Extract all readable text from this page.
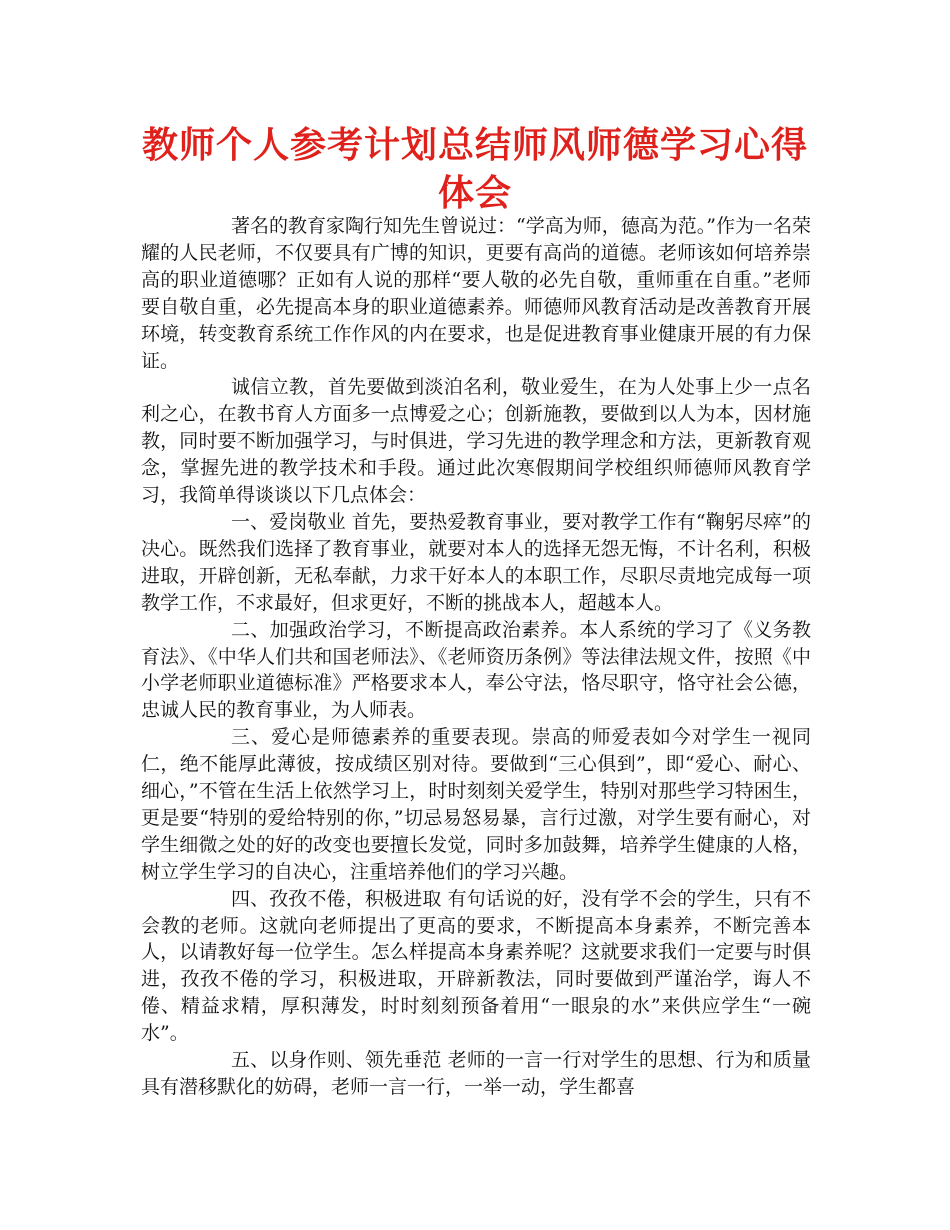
教师个人参考计划总结师风师德学习心得体会

著名的教育家陶行知先生曾说过：“学高为师，德高为范。”作为一名荣耀的人民老师，不仅要具有广博的知识，更要有高尚的道德。老师该如何培养崇高的职业道德哪？正如有人说的那样“要人敬的必先自敬，重师重在自重。”老师要自敬自重，必先提高本身的职业道德素养。师德师风教育活动是改善教育开展环境，转变教育系统工作作风的内在要求，也是促进教育事业健康开展的有力保证。

诚信立教，首先要做到淡泊名利，敬业爱生，在为人处事上少一点名利之心，在教书育人方面多一点博爱之心；创新施教，要做到以人为本，因材施教，同时要不断加强学习，与时俱进，学习先进的教学理念和方法，更新教育观念，掌握先进的教学技术和手段。通过此次寒假期间学校组织师德师风教育学习，我简单得谈谈以下几点体会：

一、爱岗敬业 首先，要热爱教育事业，要对教学工作有“鞠躬尽瘁”的决心。既然我们选择了教育事业，就要对本人的选择无怨无悔，不计名利，积极进取，开辟创新，无私奉献，力求干好本人的本职工作，尽职尽责地完成每一项教学工作，不求最好，但求更好，不断的挑战本人，超越本人。

二、加强政治学习，不断提高政治素养。本人系统的学习了《义务教育法》、《中华人们共和国老师法》、《老师资历条例》等法律法规文件，按照《中小学老师职业道德标准》严格要求本人，奉公守法，恪尽职守，恪守社会公德，忠诚人民的教育事业，为人师表。

三、爱心是师德素养的重要表现。崇高的师爱表如今对学生一视同仁，绝不能厚此薄彼，按成绩区别对待。要做到“三心俱到”，即“爱心、耐心、细心，”不管在生活上依然学习上，时时刻刻关爱学生，特别对那些学习特困生，更是要“特别的爱给特别的你，”切忌易怒易暴，言行过激，对学生要有耐心，对学生细微之处的好的改变也要擅长发觉，同时多加鼓舞，培养学生健康的人格，树立学生学习的自决心，注重培养他们的学习兴趣。

四、孜孜不倦，积极进取 有句话说的好，没有学不会的学生，只有不会教的老师。这就向老师提出了更高的要求，不断提高本身素养，不断完善本人，以请教好每一位学生。怎么样提高本身素养呢？这就要求我们一定要与时俱进，孜孜不倦的学习，积极进取，开辟新教法，同时要做到严谨治学，诲人不倦、精益求精，厚积薄发，时时刻刻预备着用“一眼泉的水”来供应学生“一碗水”。

五、以身作则、领先垂范 老师的一言一行对学生的思想、行为和质量具有潜移默化的妨碍，老师一言一行，一举一动，学生都喜
